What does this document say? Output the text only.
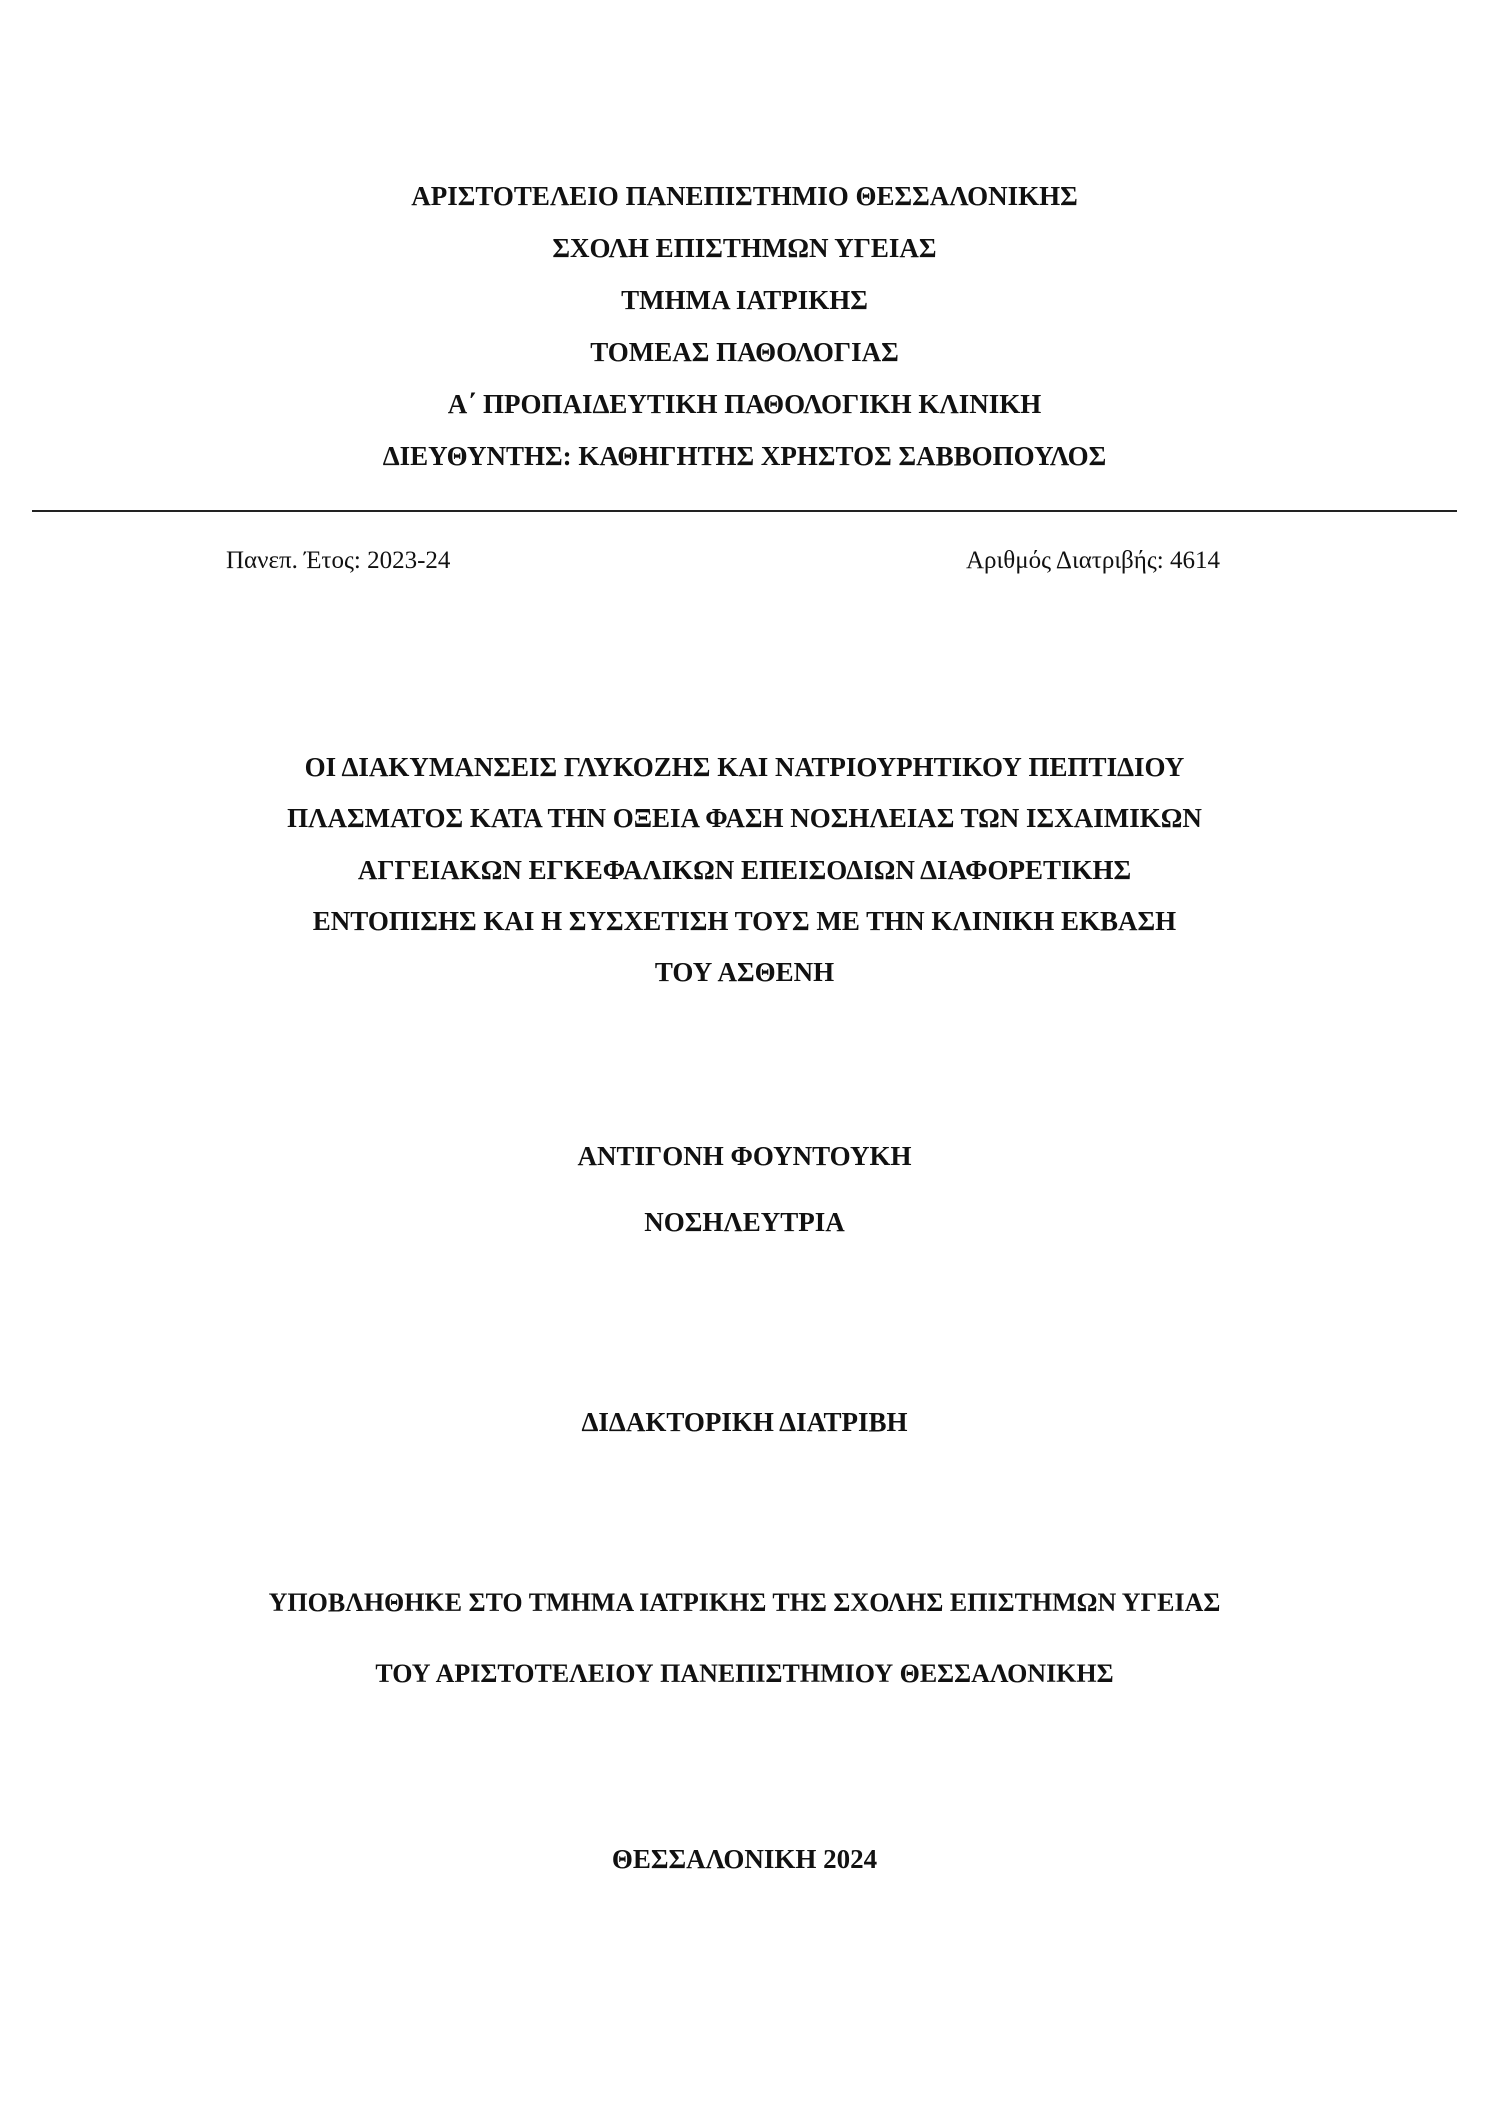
ΑΡΙΣΤΟΤΕΛΕΙΟ ΠΑΝΕΠΙΣΤΗΜΙΟ ΘΕΣΣΑΛΟΝΙΚΗΣ
ΣΧΟΛΗ ΕΠΙΣΤΗΜΩΝ ΥΓΕΙΑΣ
ΤΜΗΜΑ ΙΑΤΡΙΚΗΣ
ΤΟΜΕΑΣ ΠΑΘΟΛΟΓΙΑΣ
Α΄ ΠΡΟΠΑΙΔΕΥΤΙΚΗ ΠΑΘΟΛΟΓΙΚΗ ΚΛΙΝΙΚΗ
ΔΙΕΥΘΥΝΤΗΣ: ΚΑΘΗΓΗΤΗΣ ΧΡΗΣΤΟΣ ΣΑΒΒΟΠΟΥΛΟΣ
Πανεπ. Έτος: 2023-24	Αριθμός Διατριβής: 4614
ΟΙ ΔΙΑΚΥΜΑΝΣΕΙΣ ΓΛΥΚΟΖΗΣ ΚΑΙ ΝΑΤΡΙΟΥΡΗΤΙΚΟΥ ΠΕΠΤΙΔΙΟΥ
ΠΛΑΣΜΑΤΟΣ ΚΑΤΑ ΤΗΝ ΟΞΕΙΑ ΦΑΣΗ ΝΟΣΗΛΕΙΑΣ ΤΩΝ ΙΣΧΑΙΜΙΚΩΝ
ΑΓΓΕΙΑΚΩΝ ΕΓΚΕΦΑΛΙΚΩΝ ΕΠΕΙΣΟΔΙΩΝ ΔΙΑΦΟΡΕΤΙΚΗΣ
ΕΝΤΟΠΙΣΗΣ ΚΑΙ Η ΣΥΣΧΕΤΙΣΗ ΤΟΥΣ ΜΕ ΤΗΝ ΚΛΙΝΙΚΗ ΕΚΒΑΣΗ
ΤΟΥ ΑΣΘΕΝΗ
ΑΝΤΙΓΟΝΗ ΦΟΥΝΤΟΥΚΗ
ΝΟΣΗΛΕΥΤΡΙΑ
ΔΙΔΑΚΤΟΡΙΚΗ ΔΙΑΤΡΙΒΗ
ΥΠΟΒΛΗΘΗΚΕ ΣΤΟ ΤΜΗΜΑ ΙΑΤΡΙΚΗΣ ΤΗΣ ΣΧΟΛΗΣ ΕΠΙΣΤΗΜΩΝ ΥΓΕΙΑΣ
ΤΟΥ ΑΡΙΣΤΟΤΕΛΕΙΟΥ ΠΑΝΕΠΙΣΤΗΜΙΟΥ ΘΕΣΣΑΛΟΝΙΚΗΣ
ΘΕΣΣΑΛΟΝΙΚΗ 2024
